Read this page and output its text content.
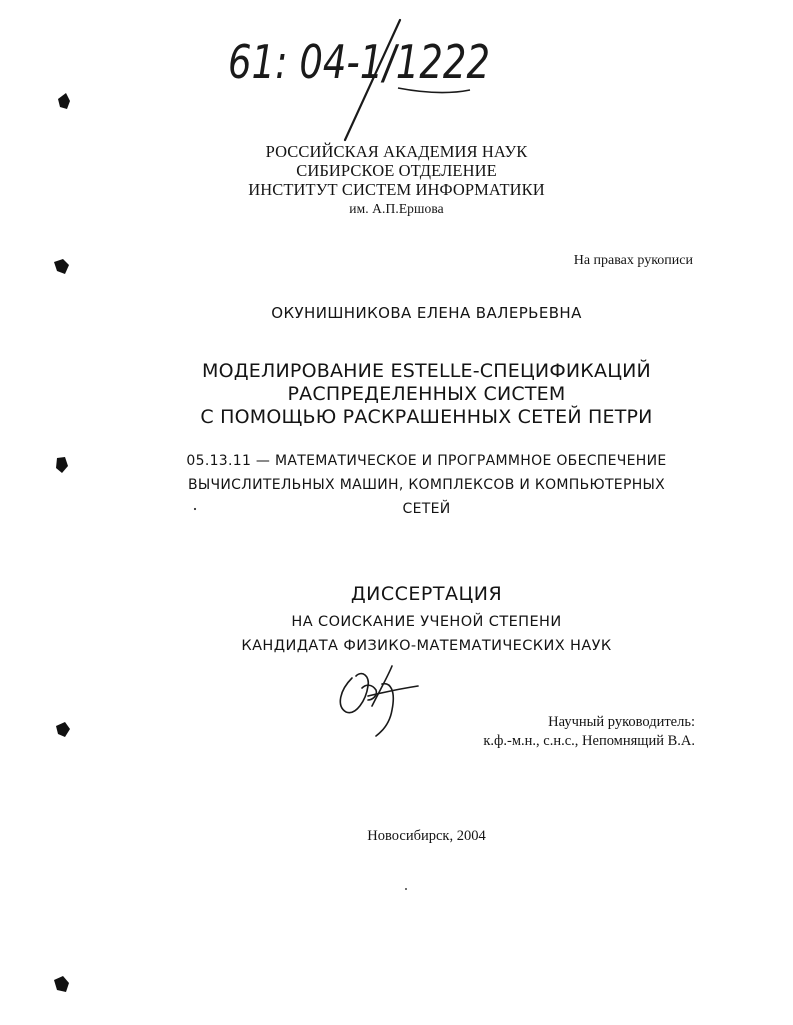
61: 04-1/1222
РОССИЙСКАЯ АКАДЕМИЯ НАУК
СИБИРСКОЕ ОТДЕЛЕНИЕ
ИНСТИТУТ СИСТЕМ ИНФОРМАТИКИ
им. А.П.Ершова
На правах рукописи
ОКУНИШНИКОВА ЕЛЕНА ВАЛЕРЬЕВНА
МОДЕЛИРОВАНИЕ ESTELLE-СПЕЦИФИКАЦИЙ
РАСПРЕДЕЛЕННЫХ СИСТЕМ
С ПОМОЩЬЮ РАСКРАШЕННЫХ СЕТЕЙ ПЕТРИ
05.13.11 — МАТЕМАТИЧЕСКОЕ И ПРОГРАММНОЕ ОБЕСПЕЧЕНИЕ
ВЫЧИСЛИТЕЛЬНЫХ МАШИН, КОМПЛЕКСОВ И КОМПЬЮТЕРНЫХ
СЕТЕЙ
ДИССЕРТАЦИЯ
НА СОИСКАНИЕ УЧЕНОЙ СТЕПЕНИ
КАНДИДАТА ФИЗИКО-МАТЕМАТИЧЕСКИХ НАУК
Научный руководитель:
к.ф.-м.н., с.н.с., Непомнящий В.А.
Новосибирск, 2004
